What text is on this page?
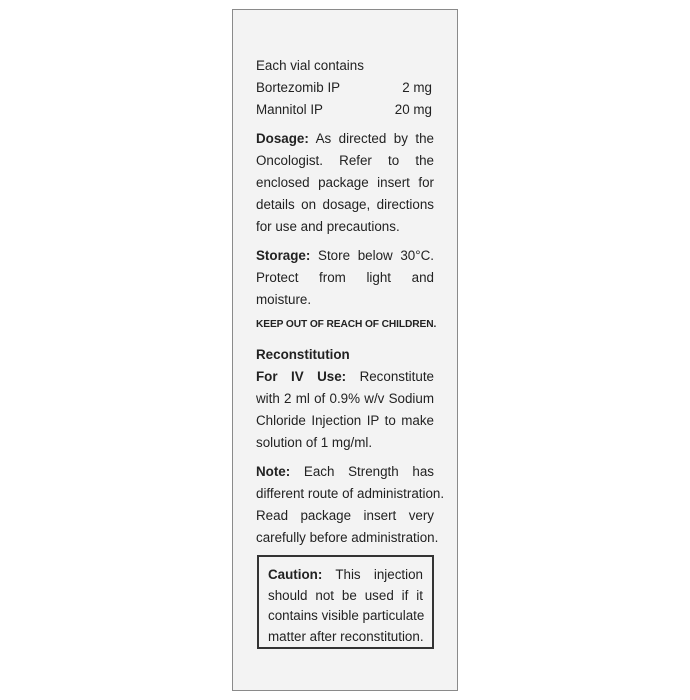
Each vial contains
Bortezomib IP	2 mg
Mannitol IP	20 mg
Dosage: As directed by the
Oncologist. Refer to the
enclosed package insert for
details on dosage, directions
for use and precautions.
Storage: Store below 30°C.
Protect from light and
moisture.
KEEP OUT OF REACH OF CHILDREN.
Reconstitution
For IV Use: Reconstitute
with 2 ml of 0.9% w/v Sodium
Chloride Injection IP to make
solution of 1 mg/ml.
Note: Each Strength has
different route of administration.
Read package insert very
carefully before administration.
Caution: This injection
should not be used if it
contains visible particulate
matter after reconstitution.
